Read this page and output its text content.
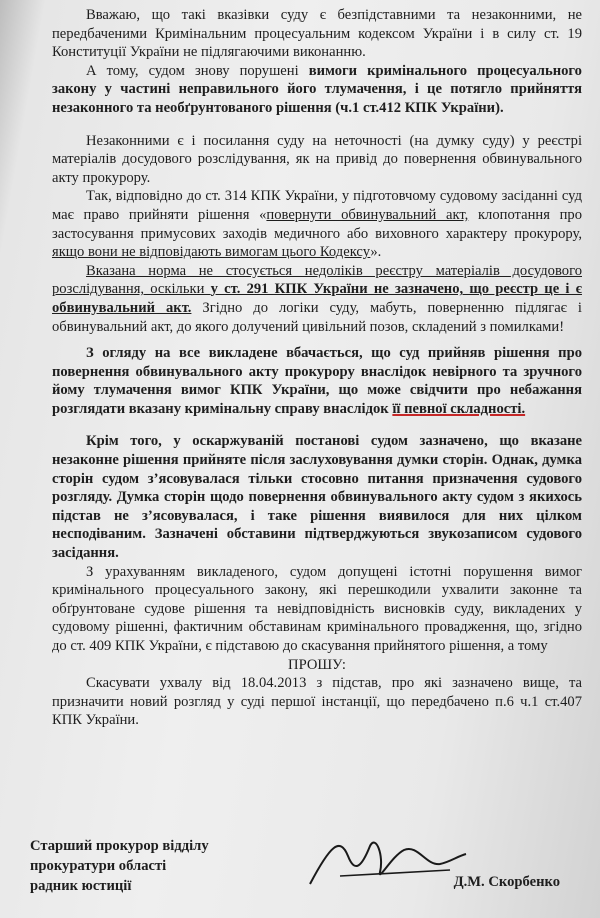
Вважаю, що такі вказівки суду є безпідставними та незаконними, не передбаченими Кримінальним процесуальним кодексом України і в силу ст. 19 Конституції України не підлягаючими виконанню.

А тому, судом знову порушені вимоги кримінального процесуального закону у частині неправильного його тлумачення, і це потягло прийняття незаконного та необґрунтованого рішення (ч.1 ст.412 КПК України).

Незаконними є і посилання суду на неточності (на думку суду) у реєстрі матеріалів досудового розслідування, як на привід до повернення обвинувального акту прокурору.

Так, відповідно до ст. 314 КПК України, у підготовчому судовому засіданні суд має право прийняти рішення «повернути обвинувальний акт, клопотання про застосування примусових заходів медичного або виховного характеру прокурору, якщо вони не відповідають вимогам цього Кодексу».

Вказана норма не стосується недоліків реєстру матеріалів досудового розслідування, оскільки у ст. 291 КПК України не зазначено, що реєстр це і є обвинувальний акт. Згідно до логіки суду, мабуть, поверненню підлягає і обвинувальний акт, до якого долучений цивільний позов, складений з помилками!

З огляду на все викладене вбачається, що суд прийняв рішення про повернення обвинувального акту прокурору внаслідок невірного та зручного йому тлумачення вимог КПК України, що може свідчити про небажання розглядати вказану кримінальну справу внаслідок її певної складності.

Крім того, у оскаржуваній постанові судом зазначено, що вказане незаконне рішення прийняте після заслуховування думки сторін. Однак, думка сторін судом з’ясовувалася тільки стосовно питання призначення судового розгляду. Думка сторін щодо повернення обвинувального акту судом з якихось підстав не з’ясовувалася, і таке рішення виявилося для них цілком несподіваним. Зазначені обставини підтверджуються звукозаписом судового засідання.

З урахуванням викладеного, судом допущені істотні порушення вимог кримінального процесуального закону, які перешкодили ухвалити законне та обґрунтоване судове рішення та невідповідність висновків суду, викладених у судовому рішенні, фактичним обставинам кримінального провадження, що, згідно до ст. 409 КПК України, є підставою до скасування прийнятого рішення, а тому

ПРОШУ:

Скасувати ухвалу від 18.04.2013 з підстав, про які зазначено вище, та призначити новий розгляд у суді першої інстанції, що передбачено п.6 ч.1 ст.407 КПК України.

Старший прокурор відділу
прокуратури області
радник юстиції	Д.М. Скорбенко
